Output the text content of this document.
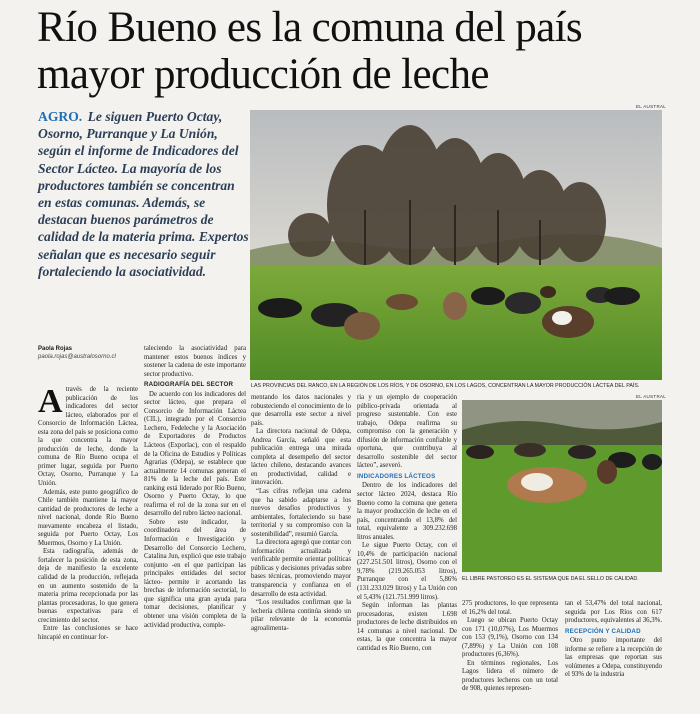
Río Bueno es la comuna del país mayor producción de leche
AGRO. Le siguen Puerto Octay, Osorno, Purranque y La Unión, según el informe de Indicadores del Sector Lácteo. La mayoría de los productores también se concentran en estas comunas. Además, se destacan buenos parámetros de calidad de la materia prima. Expertos señalan que es necesario seguir fortaleciendo la asociatividad.
EL AUSTRAL
LAS PROVINCIAS DEL RANCO, EN LA REGIÓN DE LOS RÍOS, Y DE OSORNO, EN LOS LAGOS, CONCENTRAN LA MAYOR PRODUCCIÓN LÁCTEA DEL PAÍS.
EL AUSTRAL
EL LIBRE PASTOREO ES EL SISTEMA QUE DA EL SELLO DE CALIDAD.
Paola Rojas
paola.rojas@australosorno.cl

Através de la reciente publicación de los indicadores del sector lácteo, elaborados por el Consorcio de Información Láctea, esta zona del país se posiciona como la que concentra la mayor producción de leche, donde la comuna de Río Bueno ocupa el primer lugar, seguida por Puerto Octay, Osorno, Purranque y La Unión.

Además, este punto geográfico de Chile también mantiene la mayor cantidad de productores de leche a nivel nacional, donde Río Bueno nuevamente encabeza el listado, seguida por Puerto Octay, Los Muermos, Osorno y La Unión.

Esta radiografía, además de fortalecer la posición de esta zona, deja de manifiesto la excelente calidad de la producción, reflejada en un aumento sostenido de la materia prima recepcionada por las plantas procesadoras, lo que genera buenas expectativas para el crecimiento del sector.

Entre las conclusiones se hace hincapié en continuar for-

taleciendo la asociatividad para mantener estos buenos índices y sostener la cadena de este importante sector productivo.

RADIOGRAFÍA DEL SECTOR

De acuerdo con los indicadores del sector lácteo, que prepara el Consorcio de Información Láctea (CIL), integrado por el Consorcio Lechero, Fedeleche y la Asociación de Exportadores de Productos Lácteos (Exporlac), con el respaldo de la Oficina de Estudios y Políticas Agrarias (Odepa), se establece que actualmente 14 comunas generan el 81% de la leche del país. Este ranking está liderado por Río Bueno, Osorno y Puerto Octay, lo que reafirma el rol de la zona sur en el desarrollo del rubro lácteo nacional.

Sobre este indicador, la coordinadora del área de Información e Investigación y Desarrollo del Consorcio Lechero, Catalina Jun, explicó que este trabajo conjunto -en el que participan las principales entidades del sector lácteo- permite ir acortando las brechas de información sectorial, lo que significa una gran ayuda para tomar decisiones, planificar y obtener una visión completa de la actividad productiva, comple-

mentando los datos nacionales y robusteciendo el conocimiento de lo que desarrolla este sector a nivel país.

La directora nacional de Odepa, Andrea García, señaló que esta publicación entrega una mirada completa al desempeño del sector lácteo chileno, destacando avances en productividad, calidad e innovación.

“Las cifras reflejan una cadena que ha sabido adaptarse a los nuevos desafíos productivos y ambientales, fortaleciendo su base territorial y su compromiso con la sostenibilidad”, resumió García.

La directora agregó que contar con información actualizada y verificable permite orientar políticas públicas y decisiones privadas sobre bases técnicas, promoviendo mayor transparencia y confianza en el desarrollo de esta actividad.

“Los resultados confirman que la lechería chilena continúa siendo un pilar relevante de la economía agroalimenta-

ria y un ejemplo de cooperación público-privada orientada al progreso sustentable. Con este trabajo, Odepa reafirma su compromiso con la generación y difusión de información confiable y oportuna, que contribuya al desarrollo sostenible del sector lácteo”, aseveró.

INDICADORES LÁCTEOS

Dentro de los indicadores del sector lácteo 2024, destaca Río Bueno como la comuna que genera la mayor producción de leche en el país, concentrando el 13,8% del total, equivalente a 309.232.698 litros anuales.

Le sigue Puerto Octay, con el 10,4% de participación nacional (227.251.501 litros), Osorno con el 9,78% (219.265.053 litros), Purranque con el 5,86% (131.233.029 litros) y La Unión con el 5,43% (121.751.999 litros).

Según informan las plantas procesadoras, existen 1.698 productores de leche distribuidos en 14 comunas a nivel nacional. De estas, la que concentra la mayor cantidad es Río Bueno, con

275 productores, lo que representa el 16,2% del total.

Luego se ubican Puerto Octay con 171 (10,07%), Los Muermos con 153 (9,1%), Osorno con 134 (7,89%) y La Unión con 108 productores (6,36%).

En términos regionales, Los Lagos lidera el número de productores lecheros con un total de 908, quienes represen-

tan el 53,47% del total nacional, seguida por Los Ríos con 617 productores, equivalentes al 36,3%.

RECEPCIÓN Y CALIDAD

Otro punto importante del informe se refiere a la recepción de las empresas que reportan sus volúmenes a Odepa, constituyendo el 93% de la industria
